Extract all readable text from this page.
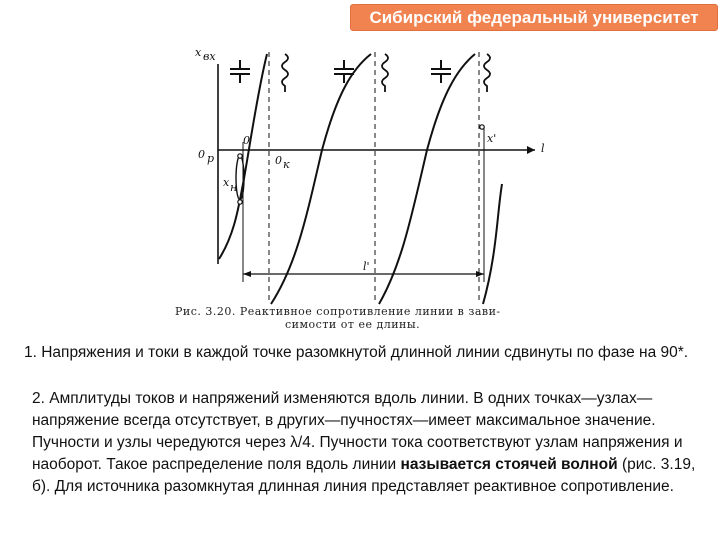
Сибирский федеральный университет
x вх
l
0 р
0
0 к
x н
x'
l'
Рис. 3.20. Реактивное сопротивление линии в зави-
симости от ее длины.
1. Напряжения и токи в каждой точке разомкнутой длинной линии сдвинуты по фазе на 90*.
2. Амплитуды токов и напряжений изменяются вдоль линии. В одних точках—узлах—напряжение всегда отсутствует, в других—пучностях—имеет максимальное значение. Пучности и узлы чередуются через λ/4. Пучности тока соответствуют узлам напряжения и наоборот. Такое распределение поля вдоль линии называется стоячей волной (рис. 3.19, б). Для источника разомкнутая длинная линия представляет реактивное сопротивление.
